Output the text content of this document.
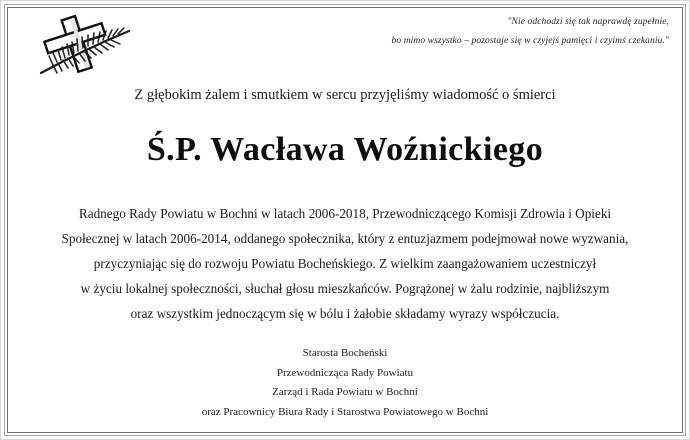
"Nie odchodzi się tak naprawdę zupełnie,
bo mimo wszystko – pozostaje się w czyjejś pamięci i czyimś czekaniu."
Z głębokim żalem i smutkiem w sercu przyjęliśmy wiadomość o śmierci
Ś.P. Wacława Woźnickiego
Radnego Rady Powiatu w Bochni w latach 2006-2018, Przewodniczącego Komisji Zdrowia i Opieki
Społecznej w latach 2006-2014, oddanego społecznika, który z entuzjazmem podejmował nowe wyzwania,
przyczyniając się do rozwoju Powiatu Bocheńskiego. Z wielkim zaangażowaniem uczestniczył
w życiu lokalnej społeczności, słuchał głosu mieszkańców. Pogrążonej w żalu rodzinie, najbliższym
oraz wszystkim jednoczącym się w bólu i żałobie składamy wyrazy współczucia.
Starosta Bocheński
Przewodnicząca Rady Powiatu
Zarząd i Rada Powiatu w Bochni
oraz Pracownicy Biura Rady i Starostwa Powiatowego w Bochni
